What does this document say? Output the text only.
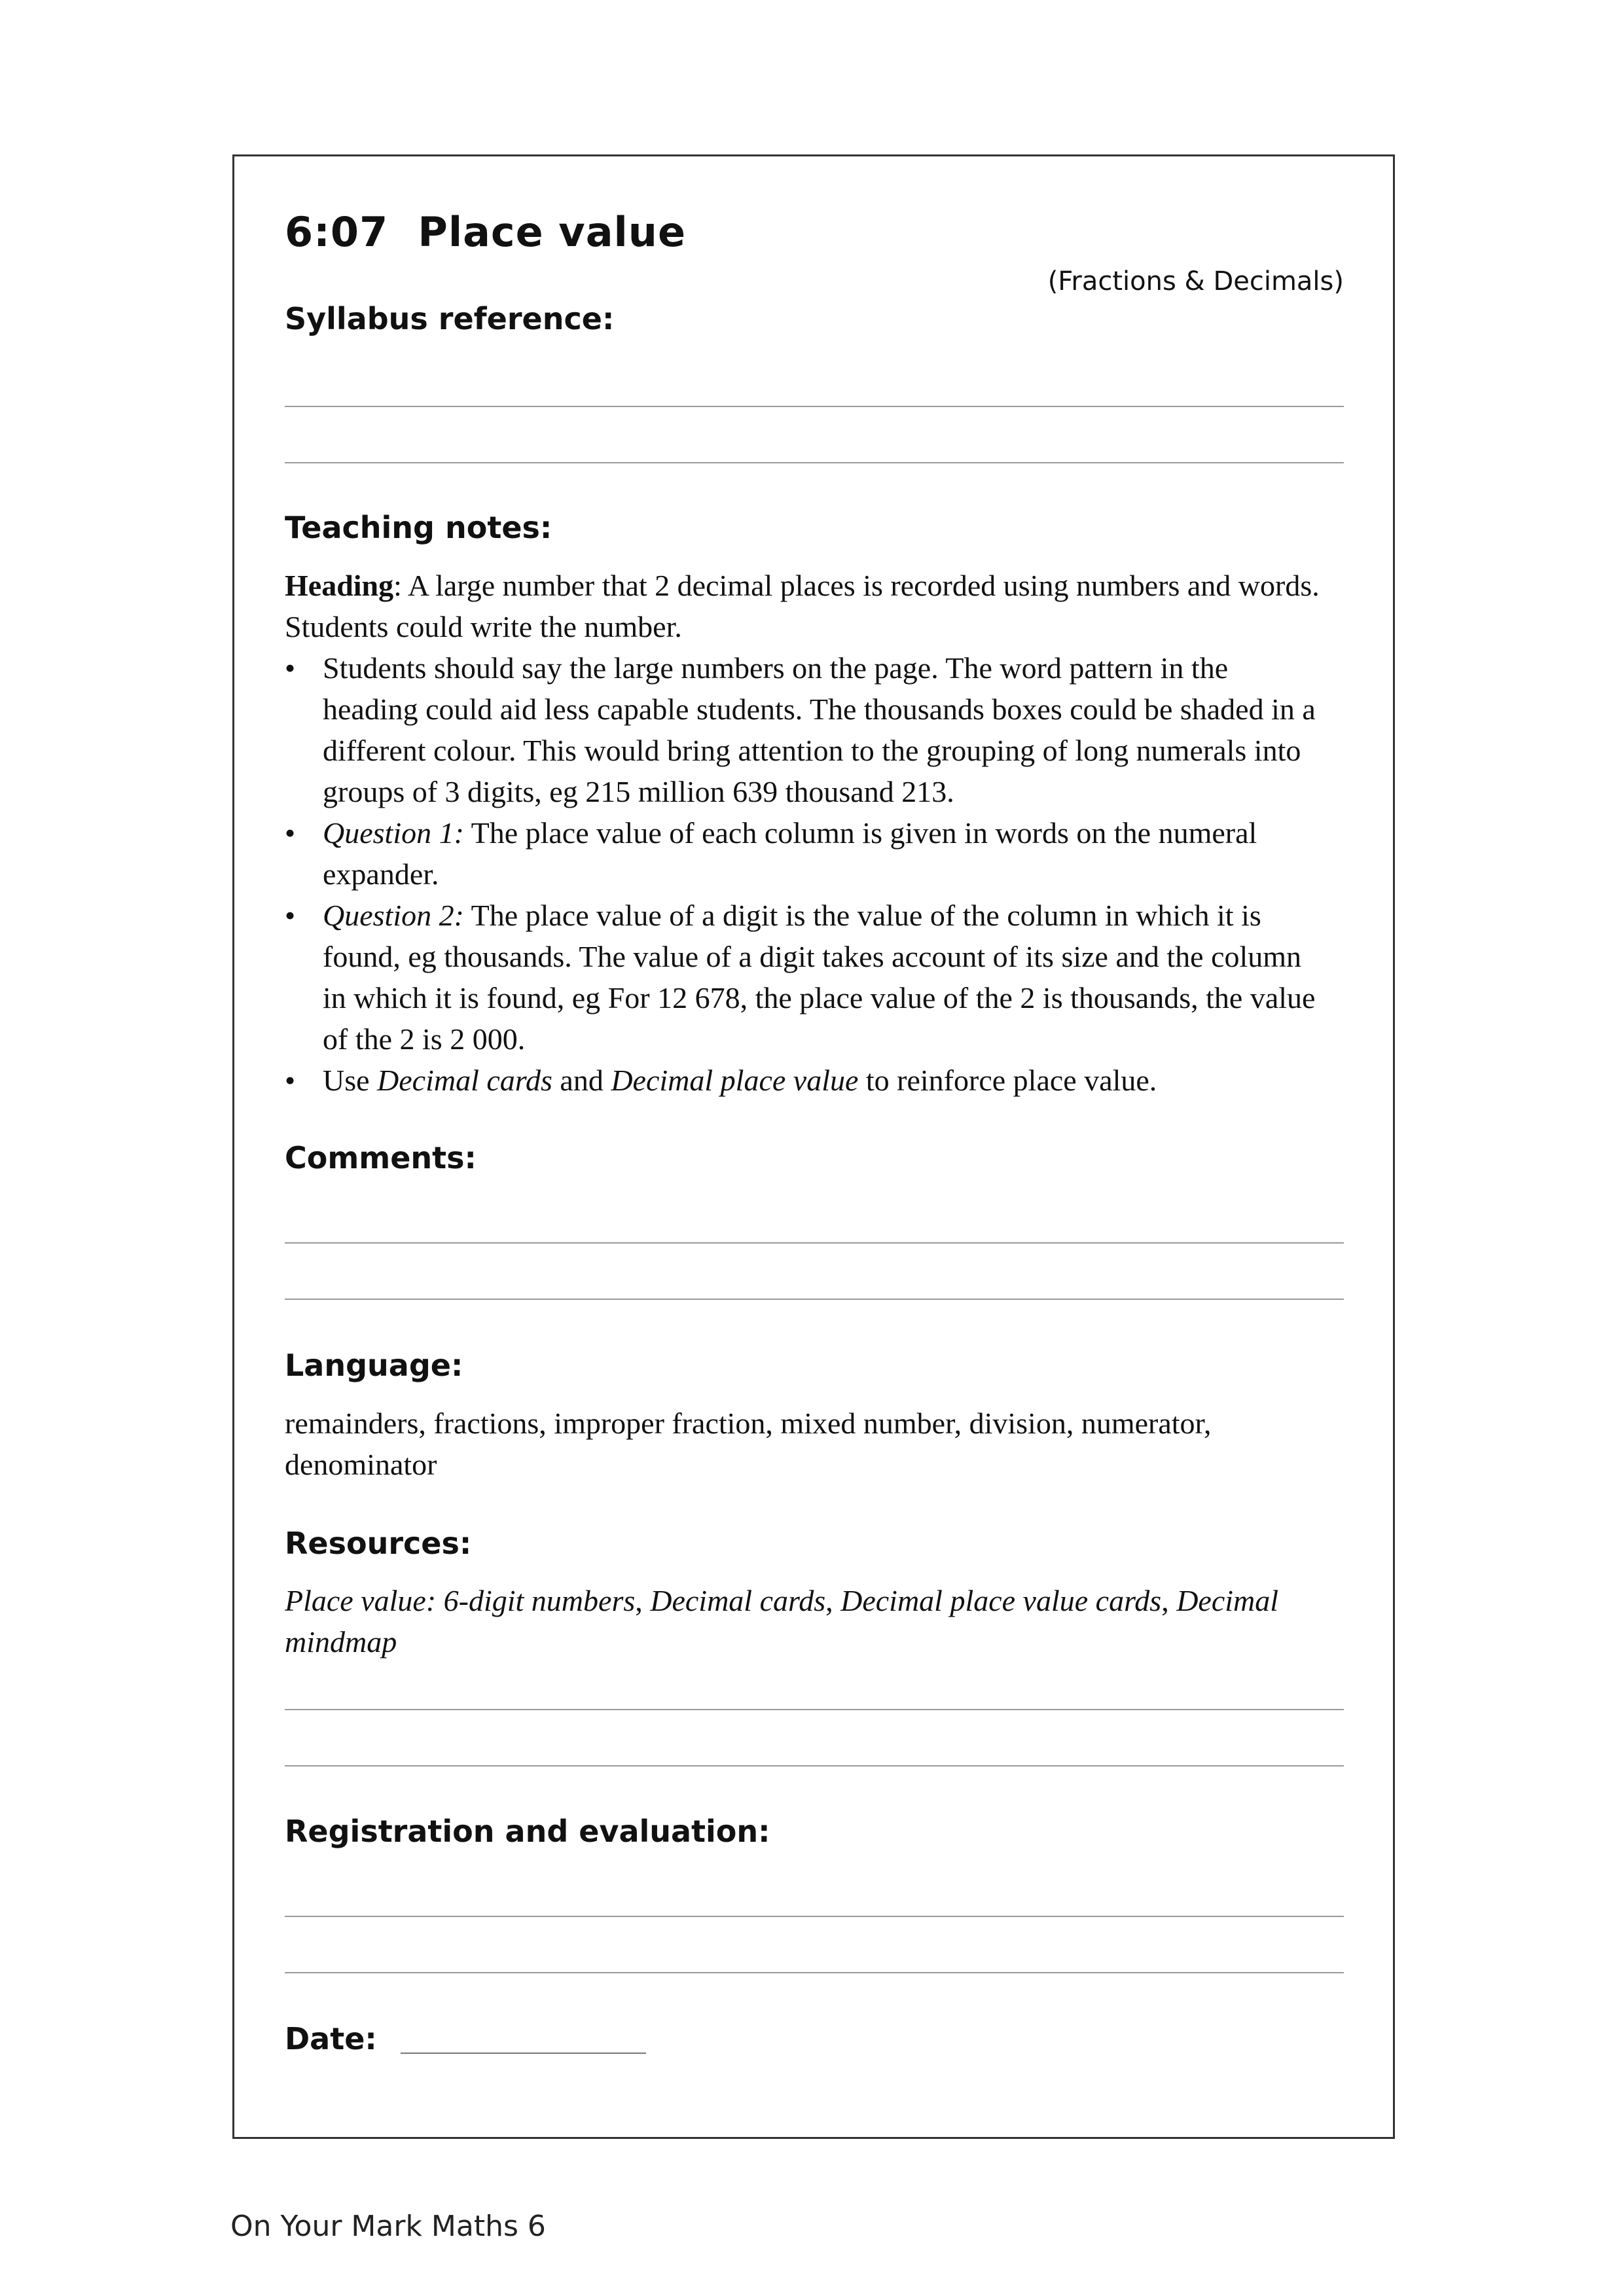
6:07  Place value
(Fractions & Decimals)
Syllabus reference:
Teaching notes:

Heading: A large number that 2 decimal places is recorded using numbers and words. Students could write the number.

• Students should say the large numbers on the page. The word pattern in the heading could aid less capable students. The thousands boxes could be shaded in a different colour. This would bring attention to the grouping of long numerals into groups of 3 digits, eg 215 million 639 thousand 213.
• Question 1: The place value of each column is given in words on the numeral expander.
• Question 2: The place value of a digit is the value of the column in which it is found, eg thousands. The value of a digit takes account of its size and the column in which it is found, eg For 12 678, the place value of the 2 is thousands, the value of the 2 is 2 000.
• Use Decimal cards and Decimal place value to reinforce place value.
Comments:
Language:

remainders, fractions, improper fraction, mixed number, division, numerator, denominator

Resources:

Place value: 6-digit numbers, Decimal cards, Decimal place value cards, Decimal mindmap

Registration and evaluation:
Date:
On Your Mark Maths 6
